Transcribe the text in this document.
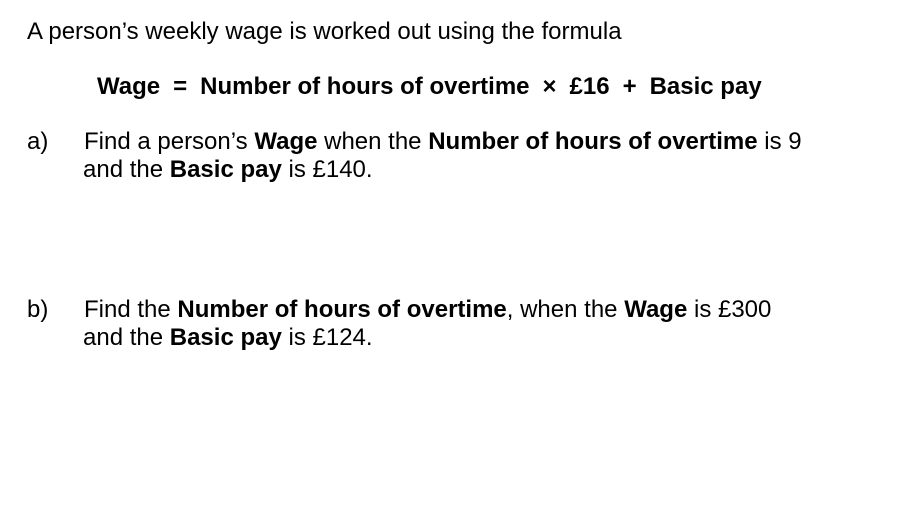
A person’s weekly wage is worked out using the formula
Wage = Number of hours of overtime × £16 + Basic pay
a) Find a person’s Wage when the Number of hours of overtime is 9
and the Basic pay is £140.
b) Find the Number of hours of overtime, when the Wage is £300
and the Basic pay is £124.
